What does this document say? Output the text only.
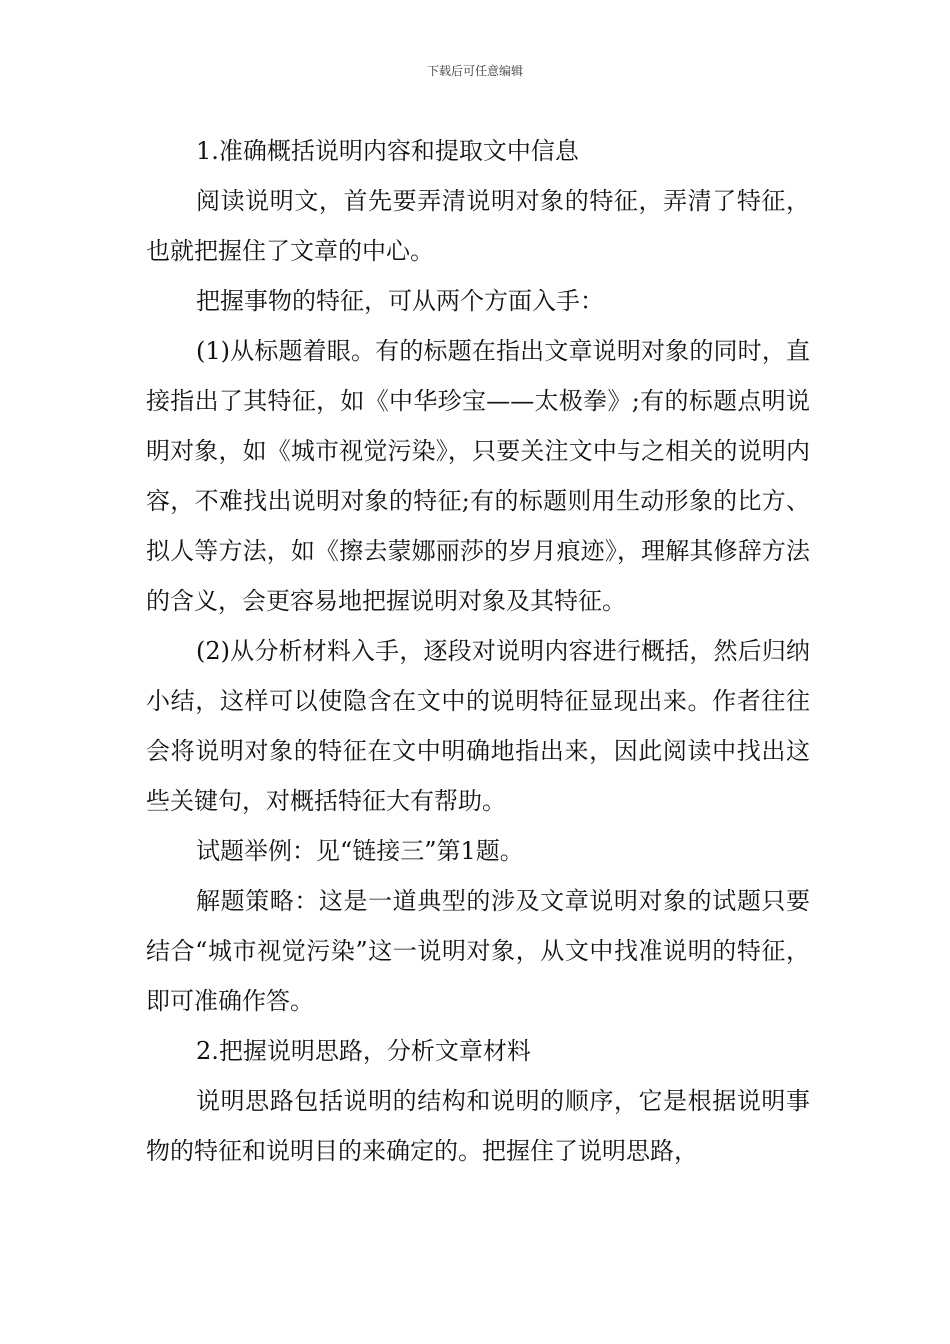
下载后可任意编辑

1.准确概括说明内容和提取文中信息

阅读说明文，首先要弄清说明对象的特征，弄清了特征，也就把握住了文章的中心。

把握事物的特征，可从两个方面入手：

(1)从标题着眼。有的标题在指出文章说明对象的同时，直接指出了其特征，如《中华珍宝——太极拳》;有的标题点明说明对象，如《城市视觉污染》，只要关注文中与之相关的说明内容，不难找出说明对象的特征;有的标题则用生动形象的比方、拟人等方法，如《擦去蒙娜丽莎的岁月痕迹》，理解其修辞方法的含义，会更容易地把握说明对象及其特征。

(2)从分析材料入手，逐段对说明内容进行概括，然后归纳小结，这样可以使隐含在文中的说明特征显现出来。作者往往会将说明对象的特征在文中明确地指出来，因此阅读中找出这些关键句，对概括特征大有帮助。

试题举例：见“链接三”第1题。

解题策略：这是一道典型的涉及文章说明对象的试题只要结合“城市视觉污染”这一说明对象，从文中找准说明的特征，即可准确作答。

2.把握说明思路，分析文章材料

说明思路包括说明的结构和说明的顺序，它是根据说明事物的特征和说明目的来确定的。把握住了说明思路，
